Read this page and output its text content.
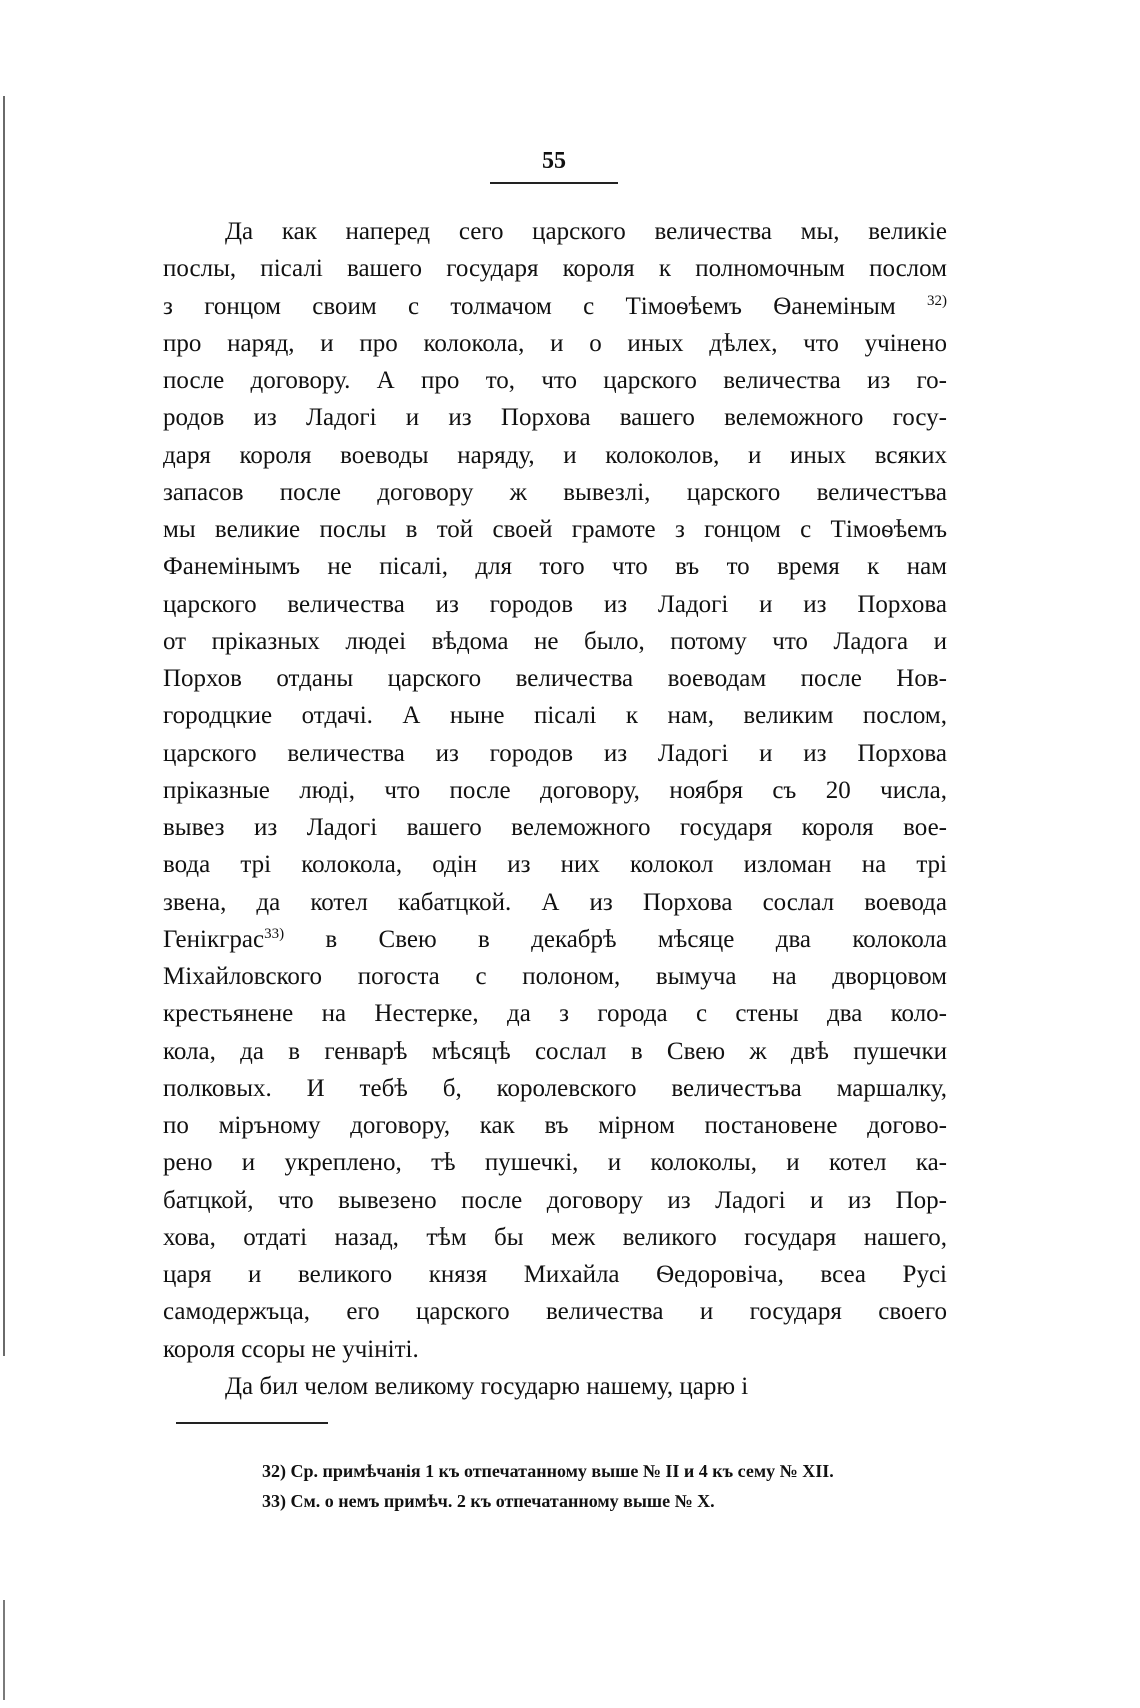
55
Да как наперед сего царского величества мы, великіе
послы, пісалі вашего государя короля к полномочным послом
з гонцом своим с толмачом с Тімоѳѣемъ Ѳанеміным $^{32)}$
про наряд, и про колокола, и о иных дѣлех, что учінено
после договору. А про то, что царского величества из го-
родов из Ладогі и из Порхова вашего велеможного госу-
даря короля воеводы наряду, и колоколов, и иных всяких
запасов после договору ж вывезлі, царского величестъва
мы великие послы в той своей грамоте з гонцом с Тімоѳѣемъ
Фанемінымъ не пісалі, для того что въ то время к нам
царского величества из городов из Ладогі и из Порхова
от пріказных людеі вѣдома не было, потому что Ладога и
Порхов отданы царского величества воеводам после Нов-
городцкие отдачі. А ныне пісалі к нам, великим послом,
царского величества из городов из Ладогі и из Порхова
пріказные люді, что после договору, ноября съ 20 числа,
вывез из Ладогі вашего велеможного государя короля вое-
вода трі колокола, одін из них колокол изломан на трі
звена, да котел кабатцкой. А из Порхова сослал воевода
Генікграс$^{33)}$ в Свею в декабрѣ мѣсяце два колокола
Міхайловского погоста с полоном, вымуча на дворцовом
крестьянене на Нестерке, да з города с стены два коло-
кола, да в генварѣ мѣсяцѣ сослал в Свею ж двѣ пушечки
полковых. И тебѣ б, королевского величестъва маршалку,
по міръному договору, как въ мірном постановене догово-
рено и укреплено, тѣ пушечкі, и колоколы, и котел ка-
батцкой, что вывезено после договору из Ладогі и из Пор-
хова, отдаті назад, тѣм бы меж великого государя нашего,
царя и великого князя Михайла Ѳедоровіча, всеа Русі
самодержъца, его царского величества и государя своего
короля ссоры не учініті.
Да бил челом великому государю нашему, царю і
32) Ср. примѣчанія 1 къ отпечатанному выше № II и 4 къ сему № XII.
33) См. о немъ примѣч. 2 къ отпечатанному выше № X.
